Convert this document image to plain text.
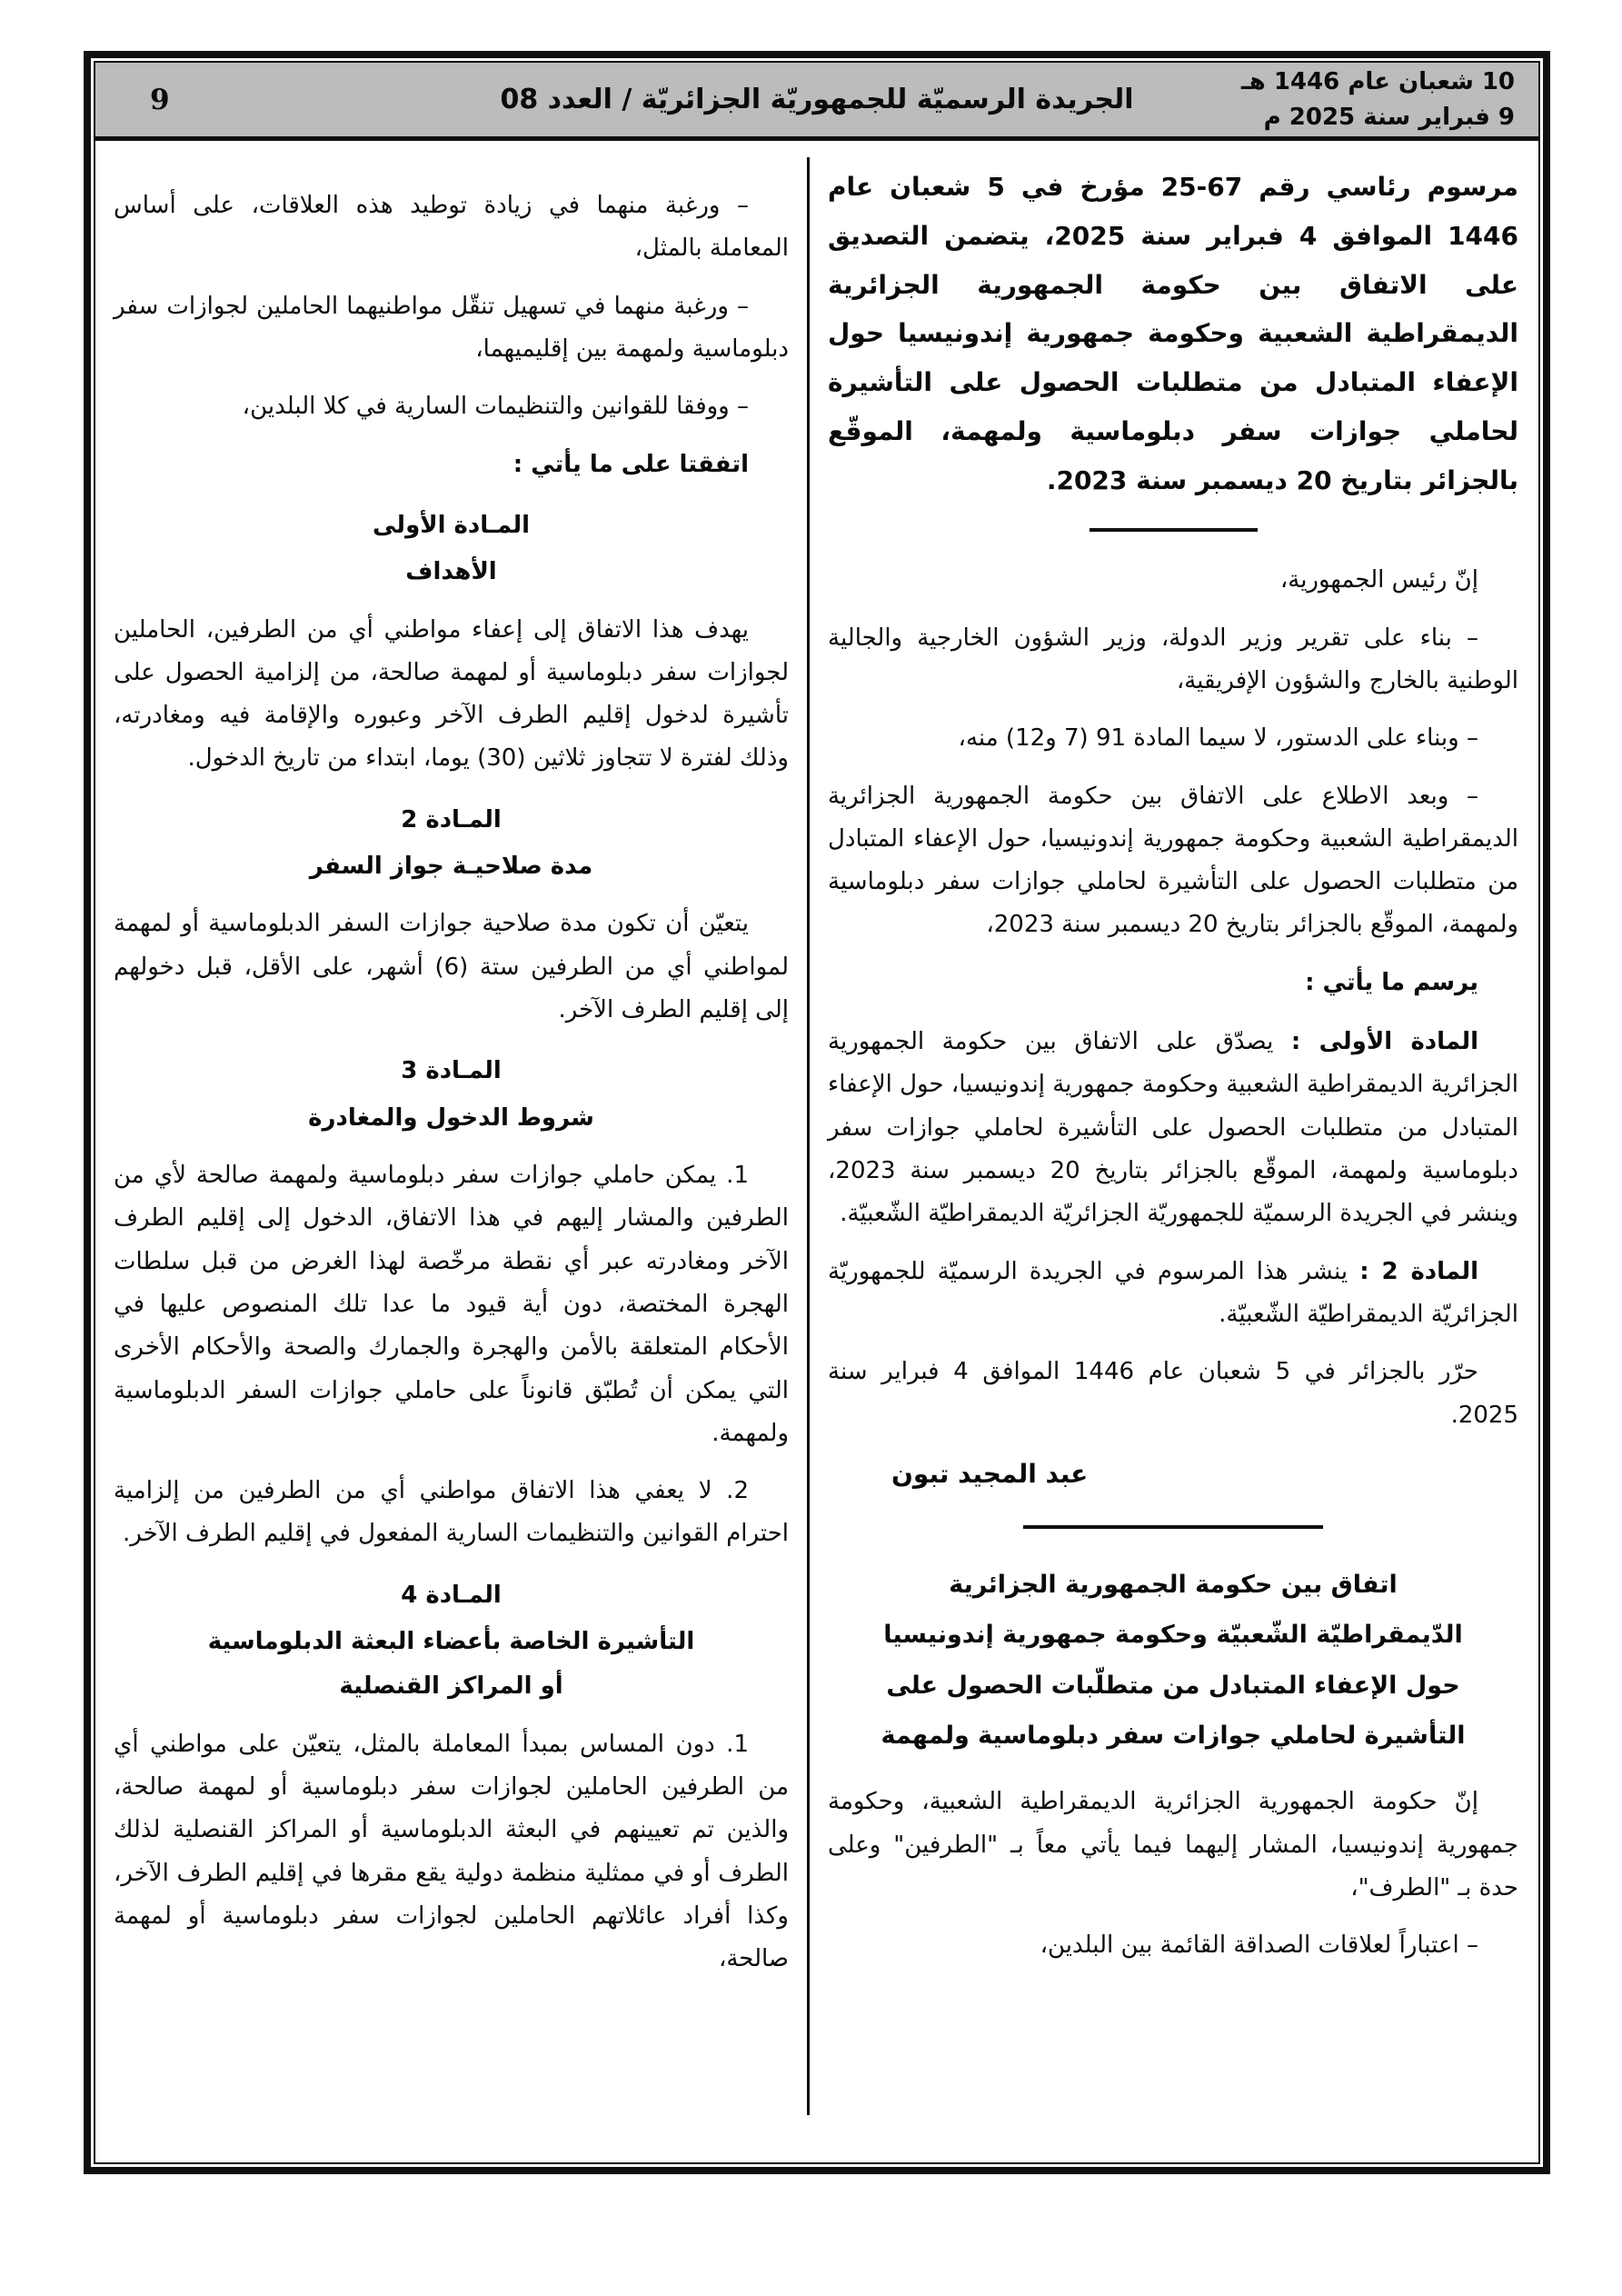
الجريدة الرسميّة للجمهوريّة الجزائريّة / العدد 08
10 شعبان عام 1446 هـ
9 فبراير سنة 2025 م
9
مرسوم رئاسي رقم 67-25 مؤرخ في 5 شعبان عام 1446 الموافق 4 فبراير سنة 2025، يتضمن التصديق على الاتفاق بين حكومة الجمهورية الجزائرية الديمقراطية الشعبية وحكومة جمهورية إندونيسيا حول الإعفاء المتبادل من متطلبات الحصول على التأشيرة لحاملي جوازات سفر دبلوماسية ولمهمة، الموقّع بالجزائر بتاريخ 20 ديسمبر سنة 2023.
إنّ رئيس الجمهورية،
– بناء على تقرير وزير الدولة، وزير الشؤون الخارجية والجالية الوطنية بالخارج والشؤون الإفريقية،
– وبناء على الدستور، لا سيما المادة 91 (7 و12) منه،
– وبعد الاطلاع على الاتفاق بين حكومة الجمهورية الجزائرية الديمقراطية الشعبية وحكومة جمهورية إندونيسيا، حول الإعفاء المتبادل من متطلبات الحصول على التأشيرة لحاملي جوازات سفر دبلوماسية ولمهمة، الموقّع بالجزائر بتاريخ 20 ديسمبر سنة 2023،
يرسم ما يأتي :
المادة الأولى : يصدّق على الاتفاق بين حكومة الجمهورية الجزائرية الديمقراطية الشعبية وحكومة جمهورية إندونيسيا، حول الإعفاء المتبادل من متطلبات الحصول على التأشيرة لحاملي جوازات سفر دبلوماسية ولمهمة، الموقّع بالجزائر بتاريخ 20 ديسمبر سنة 2023، وينشر في الجريدة الرسميّة للجمهوريّة الجزائريّة الديمقراطيّة الشّعبيّة.
المادة 2 : ينشر هذا المرسوم في الجريدة الرسميّة للجمهوريّة الجزائريّة الديمقراطيّة الشّعبيّة.
حرّر بالجزائر في 5 شعبان عام 1446 الموافق 4 فبراير سنة 2025.
عبد المجيد تبون
اتفاق بين حكومة الجمهورية الجزائرية
الدّيمقراطيّة الشّعبيّة وحكومة جمهورية إندونيسيا
حول الإعفاء المتبادل من متطلّبات الحصول على
التأشيرة لحاملي جوازات سفر دبلوماسية ولمهمة
إنّ حكومة الجمهورية الجزائرية الديمقراطية الشعبية، وحكومة جمهورية إندونيسيا، المشار إليهما فيما يأتي معاً بـ "الطرفين" وعلى حدة بـ "الطرف"،
– اعتباراً لعلاقات الصداقة القائمة بين البلدين،
– ورغبة منهما في زيادة توطيد هذه العلاقات، على أساس المعاملة بالمثل،
– ورغبة منهما في تسهيل تنقّل مواطنيهما الحاملين لجوازات سفر دبلوماسية ولمهمة بين إقليميهما،
– ووفقا للقوانين والتنظيمات السارية في كلا البلدين،
اتفقتا على ما يأتي :
المـادة الأولى
الأهداف
يهدف هذا الاتفاق إلى إعفاء مواطني أي من الطرفين، الحاملين لجوازات سفر دبلوماسية أو لمهمة صالحة، من إلزامية الحصول على تأشيرة لدخول إقليم الطرف الآخر وعبوره والإقامة فيه ومغادرته، وذلك لفترة لا تتجاوز ثلاثين (30) يوما، ابتداء من تاريخ الدخول.
المـادة 2
مدة صلاحيـة جواز السفر
يتعيّن أن تكون مدة صلاحية جوازات السفر الدبلوماسية أو لمهمة لمواطني أي من الطرفين ستة (6) أشهر، على الأقل، قبل دخولهم إلى إقليم الطرف الآخر.
المـادة 3
شروط الدخول والمغادرة
1. يمكن حاملي جوازات سفر دبلوماسية ولمهمة صالحة لأي من الطرفين والمشار إليهم في هذا الاتفاق، الدخول إلى إقليم الطرف الآخر ومغادرته عبر أي نقطة مرخّصة لهذا الغرض من قبل سلطات الهجرة المختصة، دون أية قيود ما عدا تلك المنصوص عليها في الأحكام المتعلقة بالأمن والهجرة والجمارك والصحة والأحكام الأخرى التي يمكن أن تُطبّق قانوناً على حاملي جوازات السفر الدبلوماسية ولمهمة.
2. لا يعفي هذا الاتفاق مواطني أي من الطرفين من إلزامية احترام القوانين والتنظيمات السارية المفعول في إقليم الطرف الآخر.
المـادة 4
التأشيرة الخاصة بأعضاء البعثة الدبلوماسية
أو المراكز القنصلية
1. دون المساس بمبدأ المعاملة بالمثل، يتعيّن على مواطني أي من الطرفين الحاملين لجوازات سفر دبلوماسية أو لمهمة صالحة، والذين تم تعيينهم في البعثة الدبلوماسية أو المراكز القنصلية لذلك الطرف أو في ممثلية منظمة دولية يقع مقرها في إقليم الطرف الآخر، وكذا أفراد عائلاتهم الحاملين لجوازات سفر دبلوماسية أو لمهمة صالحة،
